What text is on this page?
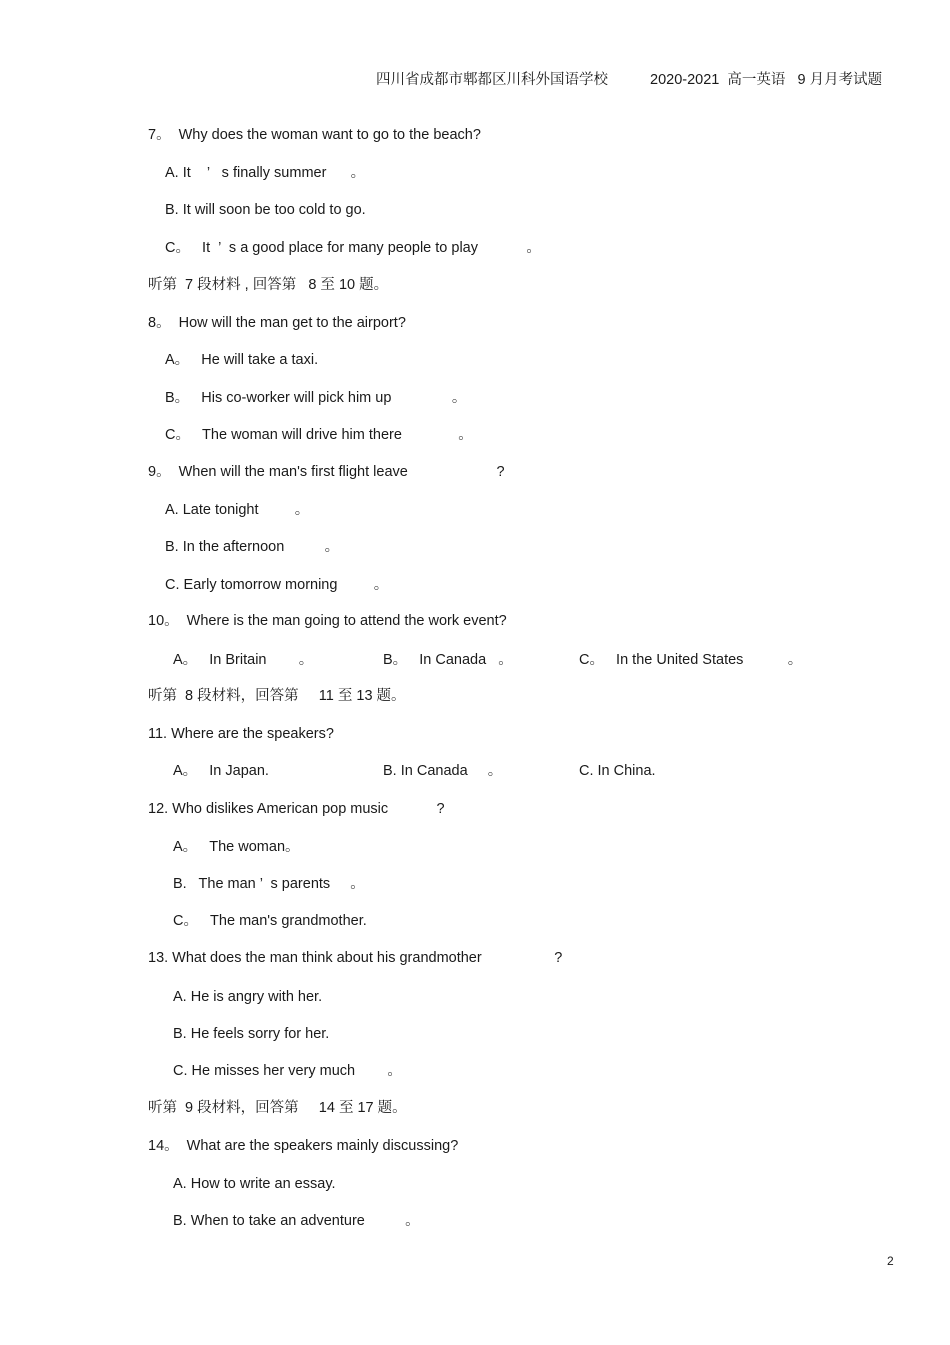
四川省成都市郫都区川科外国语学校	2020-2021  高一英语   9 月月考试题
7。  Why does the woman want to go to the beach?
A. It    ’   s finally summer      。
B. It will soon be too cold to go.
C。   It  ’  s a good place for many people to play            。
听第  7 段材料 , 回答第   8 至 10 题。
8。  How will the man get to the airport?
A。   He will take a taxi.
B。   His co-worker will pick him up               。
C。   The woman will drive him there              。
9。  When will the man's first flight leave                      ?
A. Late tonight         。
B. In the afternoon          。
C. Early tomorrow morning         。
10。  Where is the man going to attend the work event?
A。   In Britain        。	B。   In Canada   。	C。   In the United States           。
听第  8 段材料，回答第     11 至 13 题。
11. Where are the speakers?
A。   In Japan.	B. In Canada     。	C. In China.
12. Who dislikes American pop music            ?
A。   The woman。
B.   The man ’  s parents     。
C。   The man's grandmother.
13. What does the man think about his grandmother                  ?
A. He is angry with her.
B. He feels sorry for her.
C. He misses her very much        。
听第  9 段材料，回答第     14 至 17 题。
14。  What are the speakers mainly discussing?
A. How to write an essay.
B. When to take an adventure          。
2
